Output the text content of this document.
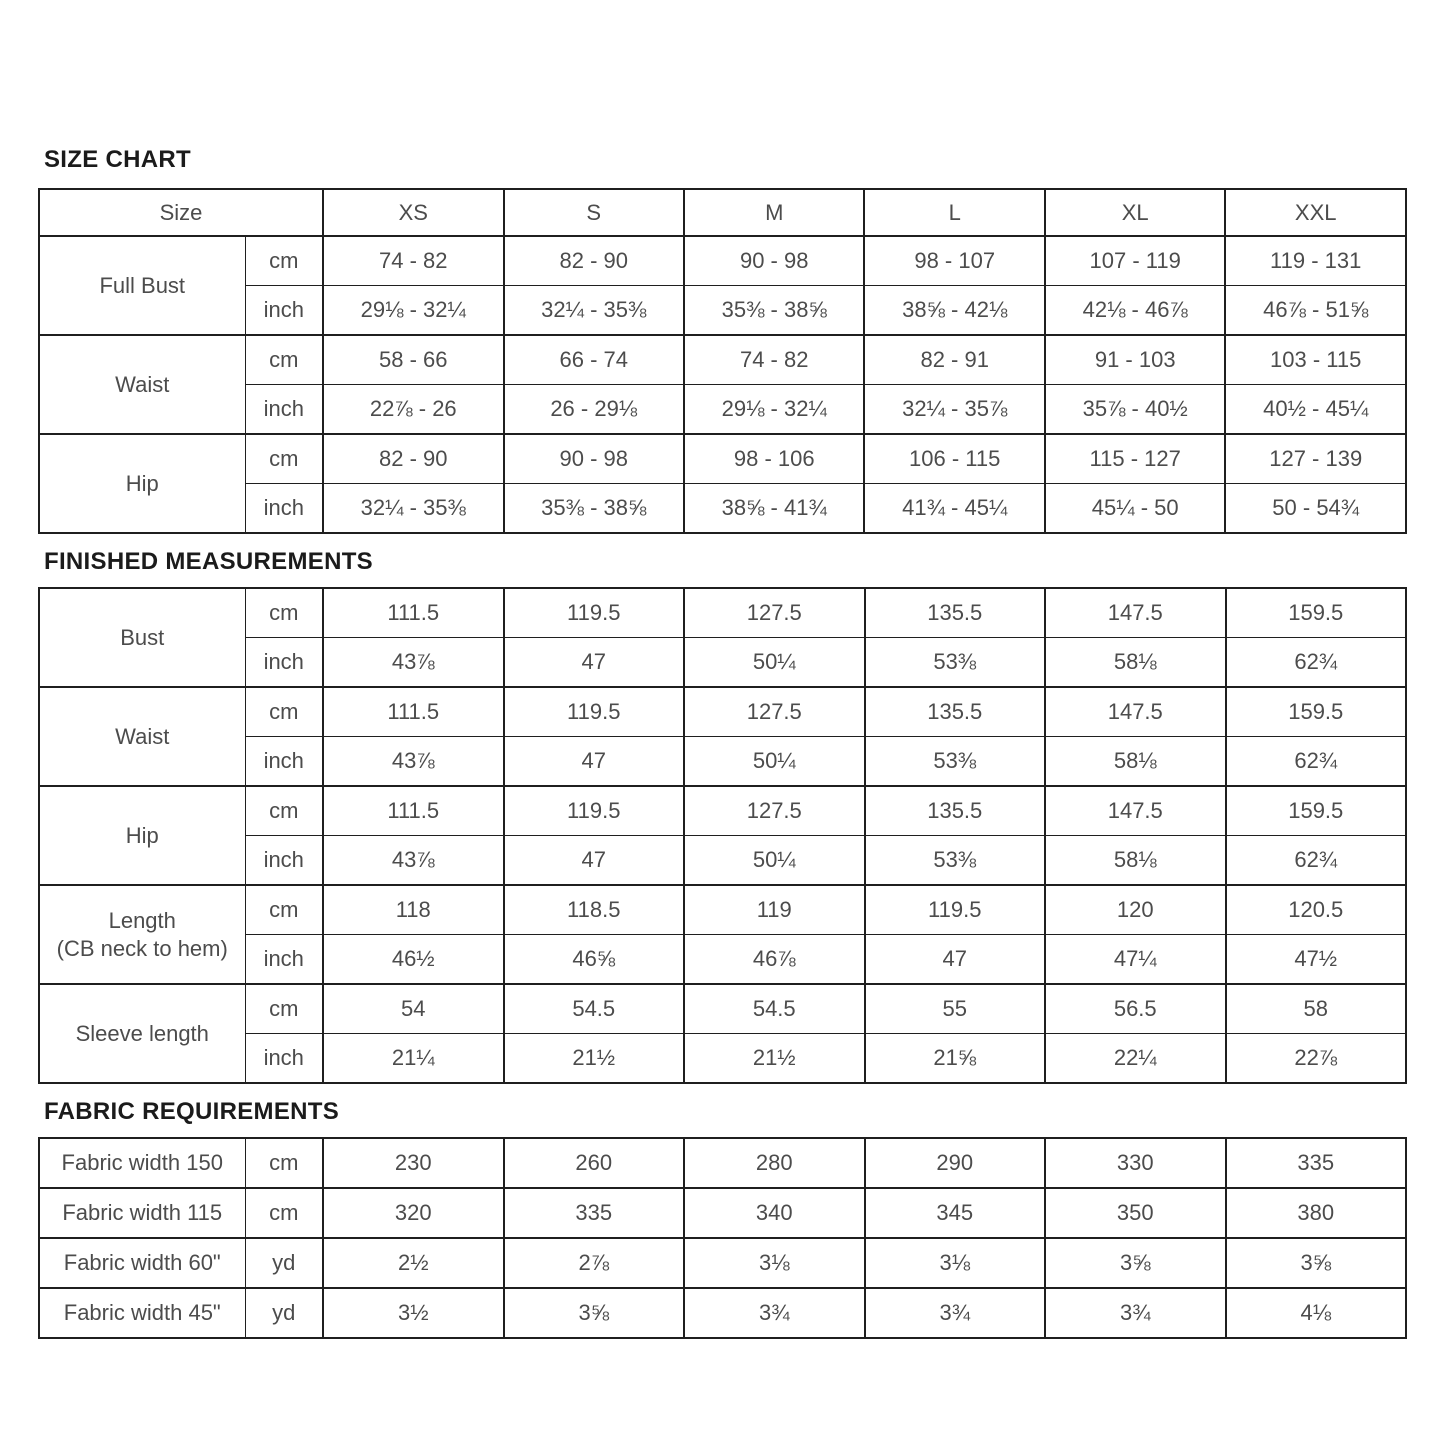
SIZE CHART
Size		XS	S	M	L	XL	XXL
Full Bust	cm	74 - 82	82 - 90	90 - 98	98 - 107	107 - 119	119 - 131
	inch	29⅛ - 32¼	32¼ - 35⅜	35⅜ - 38⅝	38⅝ - 42⅛	42⅛ - 46⅞	46⅞ - 51⅝
Waist	cm	58 - 66	66 - 74	74 - 82	82 - 91	91 - 103	103 - 115
	inch	22⅞ - 26	26 - 29⅛	29⅛ - 32¼	32¼ - 35⅞	35⅞ - 40½	40½ - 45¼
Hip	cm	82 - 90	90 - 98	98 - 106	106 - 115	115 - 127	127 - 139
	inch	32¼ - 35⅜	35⅜ - 38⅝	38⅝ - 41¾	41¾ - 45¼	45¼ - 50	50 - 54¾
FINISHED MEASUREMENTS
Bust	cm	111.5	119.5	127.5	135.5	147.5	159.5
	inch	43⅞	47	50¼	53⅜	58⅛	62¾
Waist	cm	111.5	119.5	127.5	135.5	147.5	159.5
	inch	43⅞	47	50¼	53⅜	58⅛	62¾
Hip	cm	111.5	119.5	127.5	135.5	147.5	159.5
	inch	43⅞	47	50¼	53⅜	58⅛	62¾

Length
(CB neck to hem)	cm	118	118.5	119	119.5	120	120.5
	inch	46½	46⅝	46⅞	47	47¼	47½
Sleeve length	cm	54	54.5	54.5	55	56.5	58
	inch	21¼	21½	21½	21⅝	22¼	22⅞
FABRIC REQUIREMENTS
Fabric width 150	cm	230	260	280	290	330	335
Fabric width 115	cm	320	335	340	345	350	380
Fabric width 60"	yd	2½	2⅞	3⅛	3⅛	3⅝	3⅝
Fabric width 45"	yd	3½	3⅝	3¾	3¾	3¾	4⅛
